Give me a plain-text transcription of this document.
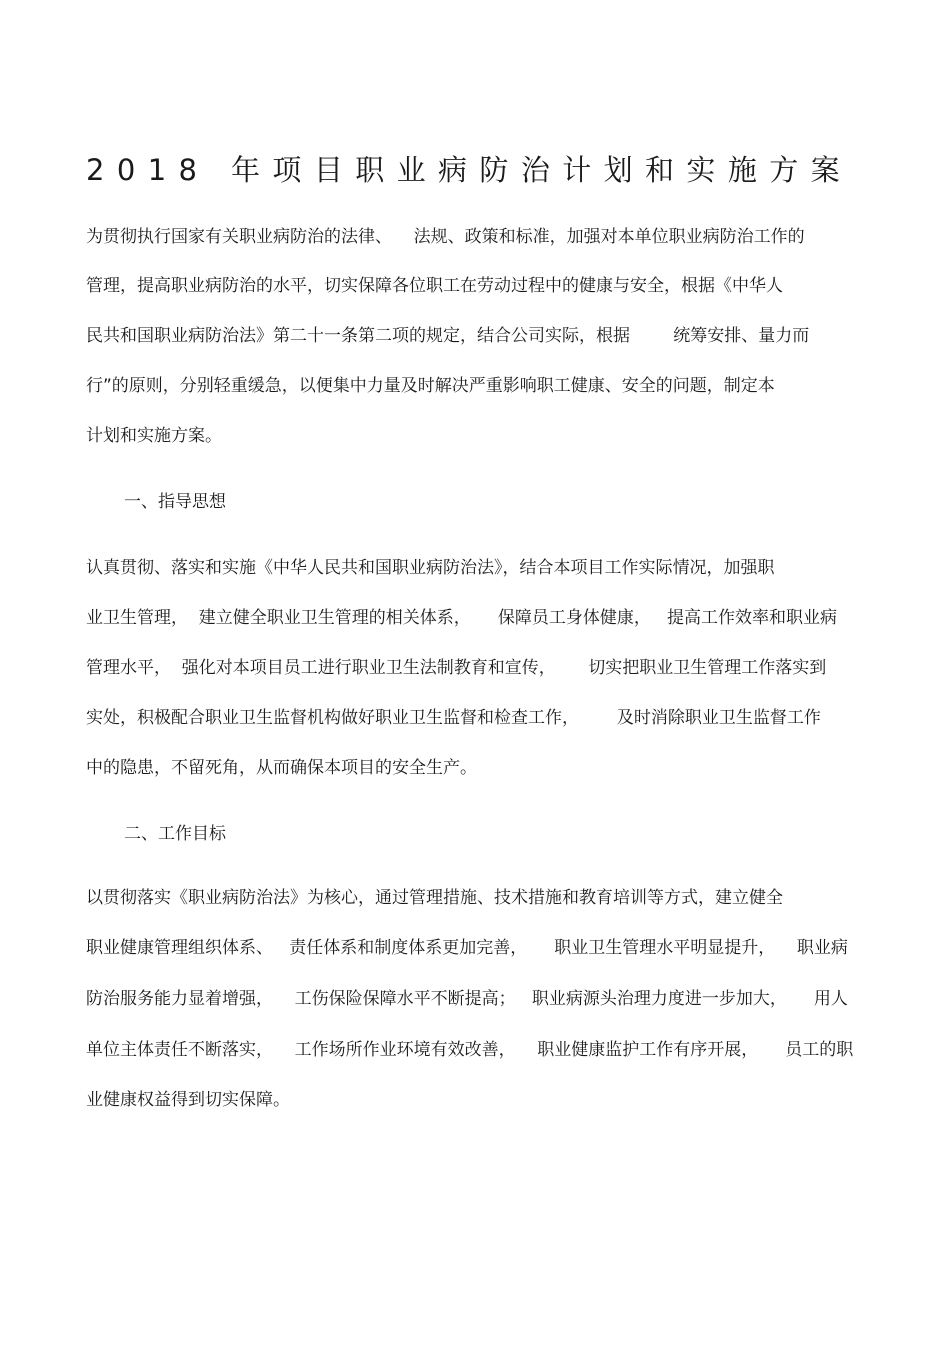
2018 年项目职业病防治计划和实施方案

为贯彻执行国家有关职业病防治的法律、    法规、政策和标准，加强对本单位职业病防治工作的

管理，提高职业病防治的水平，切实保障各位职工在劳动过程中的健康与安全，根据《中华人

民共和国职业病防治法》第二十一条第二项的规定，结合公司实际，根据        统筹安排、量力而

行”的原则，分别轻重缓急，以便集中力量及时解决严重影响职工健康、安全的问题，制定本

计划和实施方案。

一、指导思想

认真贯彻、落实和实施《中华人民共和国职业病防治法》，结合本项目工作实际情况，加强职

业卫生管理，  建立健全职业卫生管理的相关体系，     保障员工身体健康，   提高工作效率和职业病

管理水平，  强化对本项目员工进行职业卫生法制教育和宣传，      切实把职业卫生管理工作落实到

实处，积极配合职业卫生监督机构做好职业卫生监督和检查工作，       及时消除职业卫生监督工作

中的隐患，不留死角，从而确保本项目的安全生产。

二、工作目标

以贯彻落实《职业病防治法》为核心，通过管理措施、技术措施和教育培训等方式，建立健全

职业健康管理组织体系、   责任体系和制度体系更加完善，     职业卫生管理水平明显提升，    职业病

防治服务能力显着增强，    工伤保险保障水平不断提高；   职业病源头治理力度进一步加大，     用人

单位主体责任不断落实，    工作场所作业环境有效改善，    职业健康监护工作有序开展，     员工的职

业健康权益得到切实保障。
